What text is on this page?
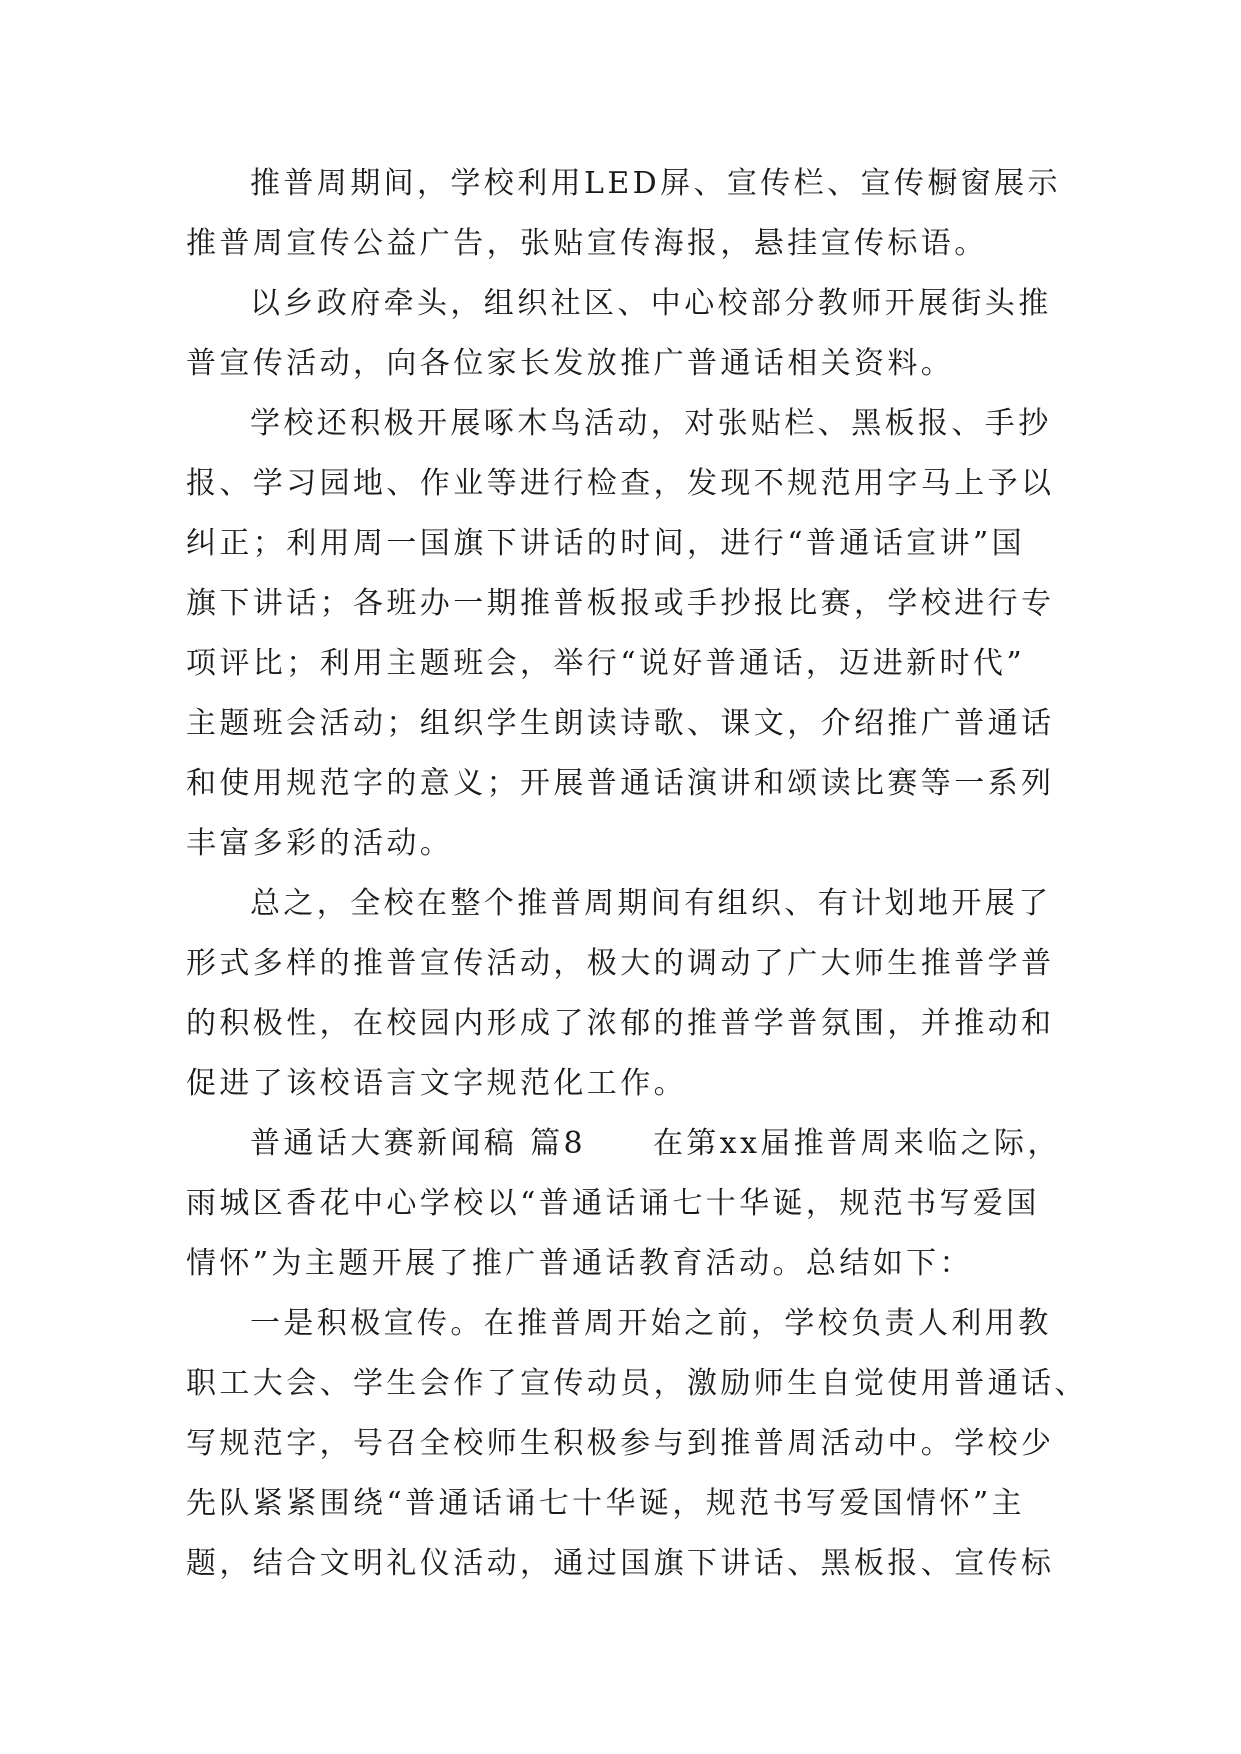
推普周期间，学校利用LED屏、宣传栏、宣传橱窗展示
推普周宣传公益广告，张贴宣传海报，悬挂宣传标语。
以乡政府牵头，组织社区、中心校部分教师开展街头推
普宣传活动，向各位家长发放推广普通话相关资料。
学校还积极开展啄木鸟活动，对张贴栏、黑板报、手抄
报、学习园地、作业等进行检查，发现不规范用字马上予以
纠正；利用周一国旗下讲话的时间，进行“普通话宣讲”国
旗下讲话；各班办一期推普板报或手抄报比赛，学校进行专
项评比；利用主题班会，举行“说好普通话，迈进新时代”
主题班会活动；组织学生朗读诗歌、课文，介绍推广普通话
和使用规范字的意义；开展普通话演讲和颂读比赛等一系列
丰富多彩的活动。
总之，全校在整个推普周期间有组织、有计划地开展了
形式多样的推普宣传活动，极大的调动了广大师生推普学普
的积极性，在校园内形成了浓郁的推普学普氛围，并推动和
促进了该校语言文字规范化工作。
普通话大赛新闻稿 篇8　　在第xx届推普周来临之际，
雨城区香花中心学校以“普通话诵七十华诞，规范书写爱国
情怀”为主题开展了推广普通话教育活动。总结如下：
一是积极宣传。在推普周开始之前，学校负责人利用教
职工大会、学生会作了宣传动员，激励师生自觉使用普通话、
写规范字，号召全校师生积极参与到推普周活动中。学校少
先队紧紧围绕“普通话诵七十华诞，规范书写爱国情怀”主
题，结合文明礼仪活动，通过国旗下讲话、黑板报、宣传标
